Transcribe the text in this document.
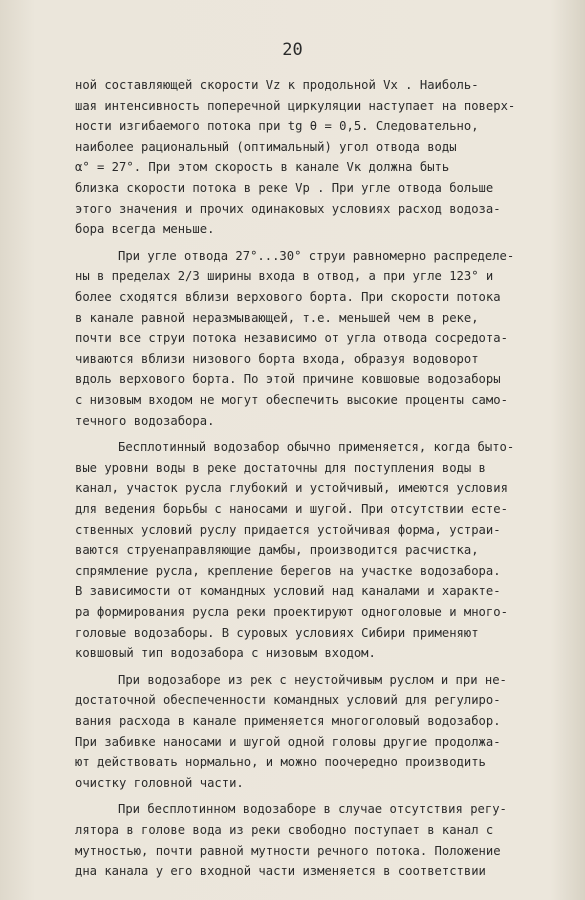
20
ной составляющей скорости Vz к продольной Vx . Наиболь-
шая интенсивность поперечной циркуляции наступает на поверх-
ности изгибаемого потока при tg θ = 0,5. Следовательно,
наиболее рациональный (оптимальный) угол отвода воды
α° = 27°. При этом скорость в канале Vк должна быть
близка скорости потока в реке Vр . При угле отвода больше
этого значения и прочих одинаковых условиях расход водоза-
бора всегда меньше.
При угле отвода 27°...30° струи равномерно распределе-
ны в пределах 2/3 ширины входа в отвод, а при угле 123° и
более сходятся вблизи верхового борта. При скорости потока
в канале равной неразмывающей, т.е. меньшей чем в реке,
почти все струи потока независимо от угла отвода сосредота-
чиваются вблизи низового борта входа, образуя водоворот
вдоль верхового борта. По этой причине ковшовые водозаборы
с низовым входом не могут обеспечить высокие проценты само-
течного водозабора.
Бесплотинный водозабор обычно применяется, когда быто-
вые уровни воды в реке достаточны для поступления воды в
канал, участок русла глубокий и устойчивый, имеются условия
для ведения борьбы с наносами и шугой. При отсутствии естe-
ственных условий руслу придается устойчивая форма, устраи-
ваются струенаправляющие дамбы, производится расчистка,
спрямление русла, крепление берегов на участке водозабора.
В зависимости от командных условий над каналами и характе-
ра формирования русла реки проектируют одноголовые и много-
головые водозаборы. В суровых условиях Сибири применяют
ковшовый тип водозабора с низовым входом.
При водозаборе из рек с неустойчивым руслом и при не-
достаточной обеспеченности командных условий для регулиро-
вания расхода в канале применяется многоголовый водозабор.
При забивке наносами и шугой одной головы другие продолжа-
ют действовать нормально, и можно поочередно производить
очистку головной части.
При бесплотинном водозаборе в случае отсутствия регу-
лятора в голове вода из реки свободно поступает в канал с
мутностью, почти равной мутности речного потока. Положение
дна канала у его входной части изменяется в соответствии
